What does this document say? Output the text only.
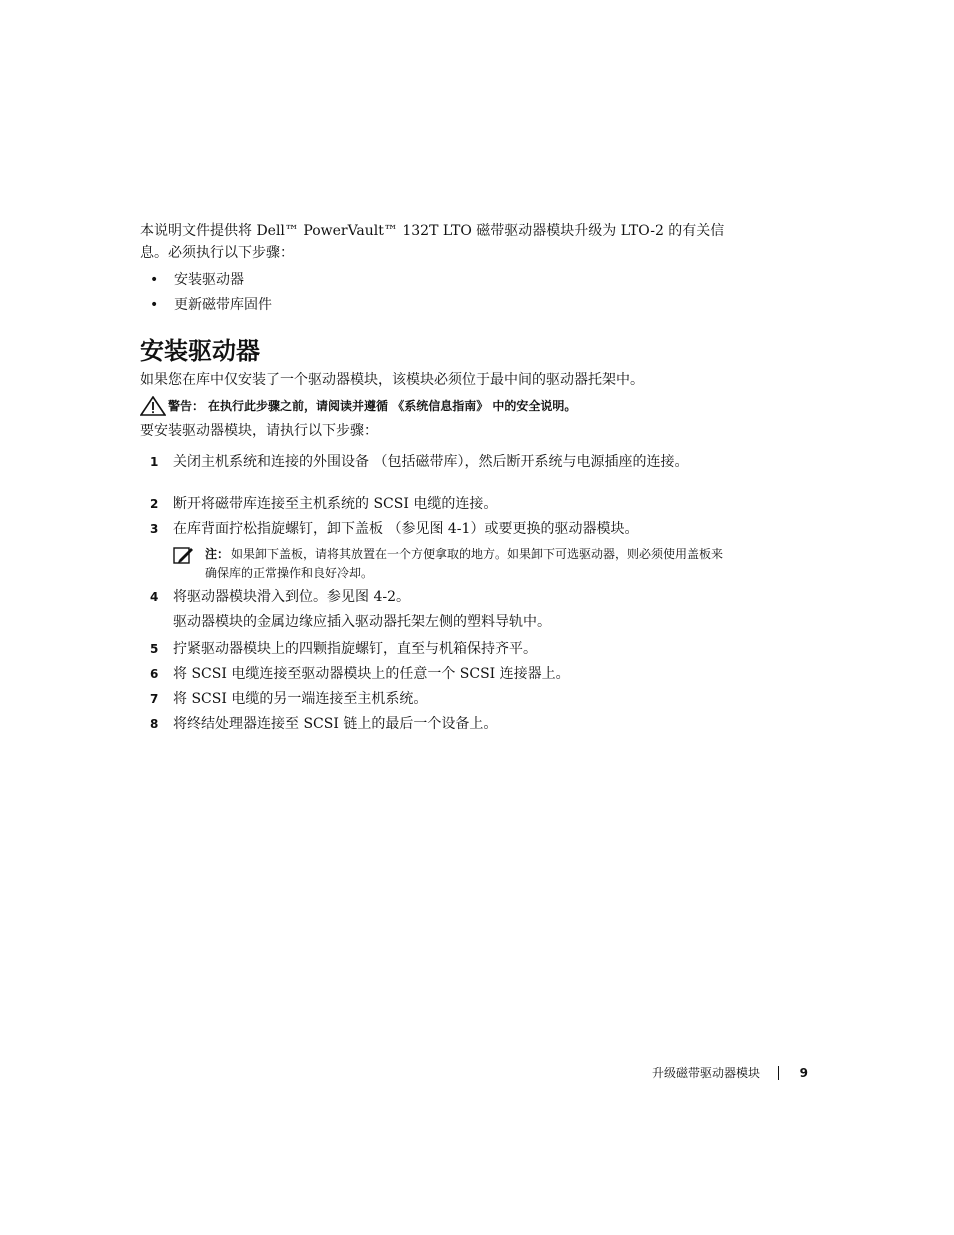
本说明文件提供将 Dell™ PowerVault™ 132T LTO 磁带驱动器模块升级为 LTO-2 的有关信息。必须执行以下步骤：
• 安装驱动器
• 更新磁带库固件
安装驱动器
如果您在库中仅安装了一个驱动器模块，该模块必须位于最中间的驱动器托架中。
警告： 在执行此步骤之前，请阅读并遵循 《系统信息指南》 中的安全说明。
要安装驱动器模块，请执行以下步骤：
1 关闭主机系统和连接的外围设备 （包括磁带库），然后断开系统与电源插座的连接。
2 断开将磁带库连接至主机系统的 SCSI 电缆的连接。
3 在库背面拧松指旋螺钉，卸下盖板 （参见图 4-1）或要更换的驱动器模块。
注： 如果卸下盖板，请将其放置在一个方便拿取的地方。如果卸下可选驱动器，则必须使用盖板来确保库的正常操作和良好冷却。
4 将驱动器模块滑入到位。参见图 4-2。
驱动器模块的金属边缘应插入驱动器托架左侧的塑料导轨中。
5 拧紧驱动器模块上的四颗指旋螺钉，直至与机箱保持齐平。
6 将 SCSI 电缆连接至驱动器模块上的任意一个 SCSI 连接器上。
7 将 SCSI 电缆的另一端连接至主机系统。
8 将终结处理器连接至 SCSI 链上的最后一个设备上。
升级磁带驱动器模块	9
